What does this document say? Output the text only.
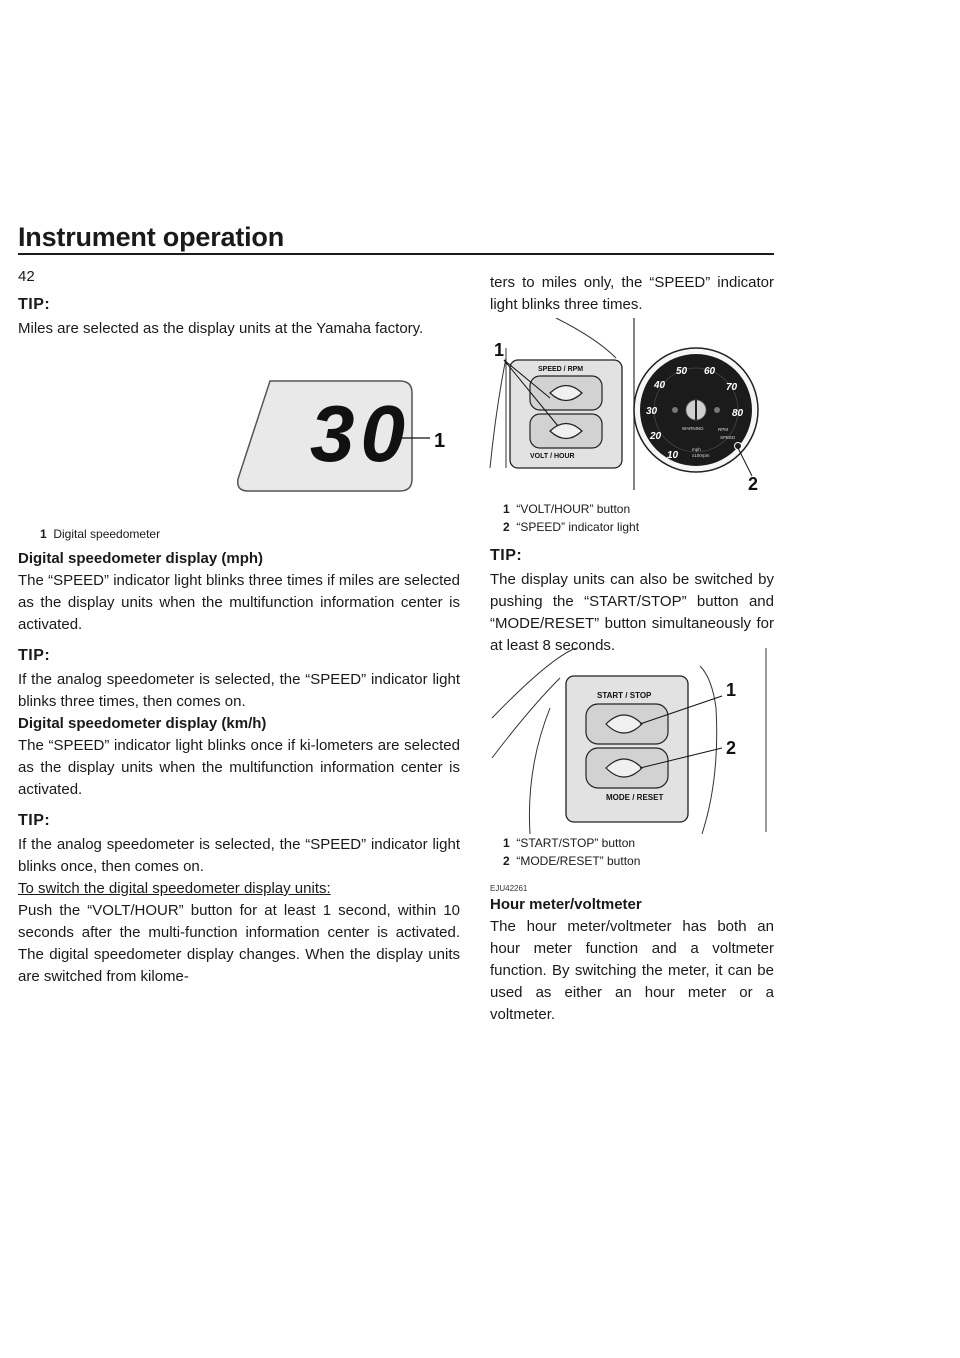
Instrument operation
42
TIP:

Miles are selected as the display units at the Yamaha factory.

30 1
1 Digital speedometer

Digital speedometer display (mph)

The “SPEED” indicator light blinks three times if miles are selected as the display units when the multifunction information center is activated.

TIP:

If the analog speedometer is selected, the “SPEED” indicator light blinks three times, then comes on.

Digital speedometer display (km/h)

The “SPEED” indicator light blinks once if ki-lometers are selected as the display units when the multifunction information center is activated.

TIP:

If the analog speedometer is selected, the “SPEED” indicator light blinks once, then comes on.

To switch the digital speedometer display units:

Push the “VOLT/HOUR” button for at least 1 second, within 10 seconds after the multi-function information center is activated. The digital speedometer display changes. When the display units are switched from kilome-

ters to miles only, the “SPEED” indicator light blinks three times.

SPEED / RPM
VOLT / HOUR
1
10
20
30
40
50 60
70
80
WARNING	RPM
SPEED
mph
x100rpm
2
1 “VOLT/HOUR” button
2 “SPEED” indicator light
TIP:

The display units can also be switched by pushing the “START/STOP” button and “MODE/RESET” button simultaneously for at least 8 seconds.

START / STOP
MODE / RESET
1
2
1 “START/STOP” button
2 “MODE/RESET” button
EJU42261

Hour meter/voltmeter

The hour meter/voltmeter has both an hour meter function and a voltmeter function. By switching the meter, it can be used as either an hour meter or a voltmeter.
